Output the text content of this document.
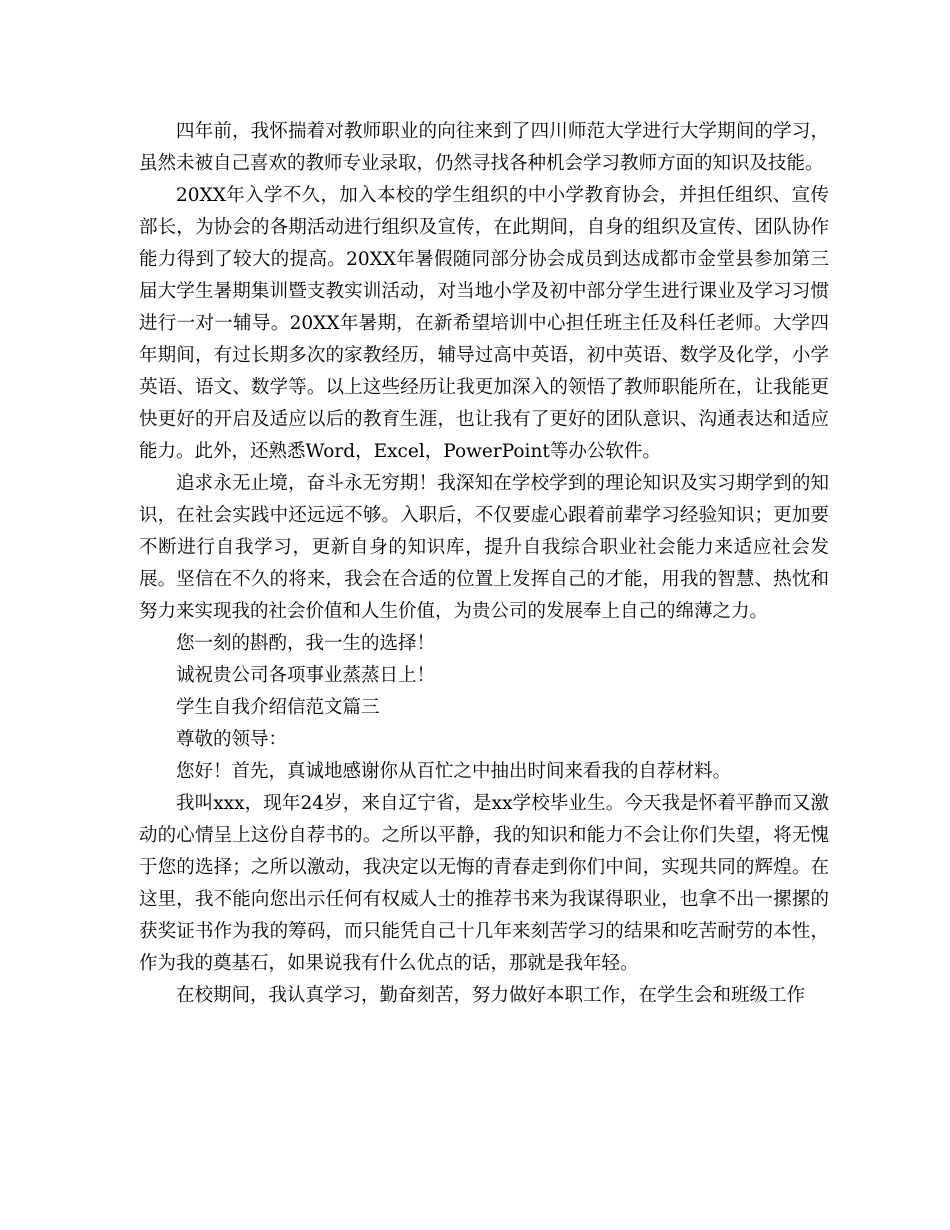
四年前，我怀揣着对教师职业的向往来到了四川师范大学进行大学期间的学习，虽然未被自己喜欢的教师专业录取，仍然寻找各种机会学习教师方面的知识及技能。

20XX年入学不久，加入本校的学生组织的中小学教育协会，并担任组织、宣传部长，为协会的各期活动进行组织及宣传，在此期间，自身的组织及宣传、团队协作能力得到了较大的提高。20XX年暑假随同部分协会成员到达成都市金堂县参加第三届大学生暑期集训暨支教实训活动，对当地小学及初中部分学生进行课业及学习习惯进行一对一辅导。20XX年暑期，在新希望培训中心担任班主任及科任老师。大学四年期间，有过长期多次的家教经历，辅导过高中英语，初中英语、数学及化学，小学英语、语文、数学等。以上这些经历让我更加深入的领悟了教师职能所在，让我能更快更好的开启及适应以后的教育生涯，也让我有了更好的团队意识、沟通表达和适应能力。此外，还熟悉Word，Excel，PowerPoint等办公软件。

追求永无止境，奋斗永无穷期！我深知在学校学到的理论知识及实习期学到的知识，在社会实践中还远远不够。入职后，不仅要虚心跟着前辈学习经验知识；更加要不断进行自我学习，更新自身的知识库，提升自我综合职业社会能力来适应社会发展。坚信在不久的将来，我会在合适的位置上发挥自己的才能，用我的智慧、热忱和努力来实现我的社会价值和人生价值，为贵公司的发展奉上自己的绵薄之力。

您一刻的斟酌，我一生的选择！

诚祝贵公司各项事业蒸蒸日上！

学生自我介绍信范文篇三

尊敬的领导：

您好！首先，真诚地感谢你从百忙之中抽出时间来看我的自荐材料。

我叫xxx，现年24岁，来自辽宁省，是xx学校毕业生。今天我是怀着平静而又激动的心情呈上这份自荐书的。之所以平静，我的知识和能力不会让你们失望，将无愧于您的选择；之所以激动，我决定以无悔的青春走到你们中间，实现共同的辉煌。在这里，我不能向您出示任何有权威人士的推荐书来为我谋得职业，也拿不出一摞摞的获奖证书作为我的筹码，而只能凭自己十几年来刻苦学习的结果和吃苦耐劳的本性，作为我的奠基石，如果说我有什么优点的话，那就是我年轻。

在校期间，我认真学习，勤奋刻苦，努力做好本职工作，在学生会和班级工作
